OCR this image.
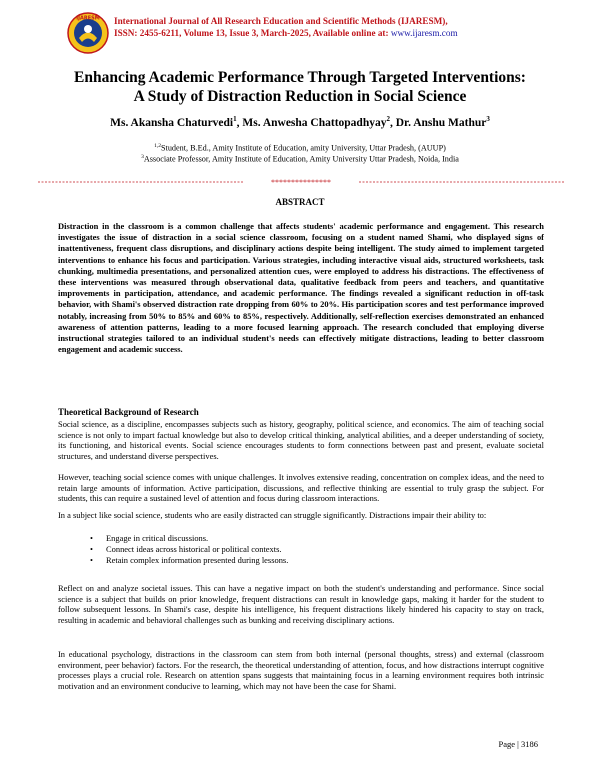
IJARESM International Journal of All Research Education and Scientific Methods (IJARESM),
ISSN: 2455-6211, Volume 13, Issue 3, March-2025, Available online at: www.ijaresm.com
Enhancing Academic Performance Through Targeted Interventions:
A Study of Distraction Reduction in Social Science
Ms. Akansha Chaturvedi$^1$, Ms. Anwesha Chattopadhyay$^2$, Dr. Anshu Mathur$^3$
$^{1,2}$Student, B.Ed., Amity Institute of Education, amity University, Uttar Pradesh, (AUUP)
$^3$Associate Professor, Amity Institute of Education, Amity University Uttar Pradesh, Noida, India
***************
ABSTRACT
Distraction in the classroom is a common challenge that affects students' academic performance and engagement. This research investigates the issue of distraction in a social science classroom, focusing on a student named Shami, who displayed signs of inattentiveness, frequent class disruptions, and disciplinary actions despite being intelligent. The study aimed to implement targeted interventions to enhance his focus and participation. Various strategies, including interactive visual aids, structured worksheets, task chunking, multimedia presentations, and personalized attention cues, were employed to address his distractions. The effectiveness of these interventions was measured through observational data, qualitative feedback from peers and teachers, and quantitative improvements in participation, attendance, and academic performance. The findings revealed a significant reduction in off-task behavior, with Shami's observed distraction rate dropping from 60% to 20%. His participation scores and test performance improved notably, increasing from 50% to 85% and 60% to 85%, respectively. Additionally, self-reflection exercises demonstrated an enhanced awareness of attention patterns, leading to a more focused learning approach. The research concluded that employing diverse instructional strategies tailored to an individual student's needs can effectively mitigate distractions, leading to better classroom engagement and academic success.
Theoretical Background of Research
Social science, as a discipline, encompasses subjects such as history, geography, political science, and economics. The aim of teaching social science is not only to impart factual knowledge but also to develop critical thinking, analytical abilities, and a deeper understanding of society, its functioning, and historical events. Social science encourages students to form connections between past and present, evaluate societal structures, and understand diverse perspectives.
However, teaching social science comes with unique challenges. It involves extensive reading, concentration on complex ideas, and the need to retain large amounts of information. Active participation, discussions, and reflective thinking are essential to truly grasp the subject. For students, this can require a sustained level of attention and focus during classroom interactions.
In a subject like social science, students who are easily distracted can struggle significantly. Distractions impair their ability to:
• Engage in critical discussions.
• Connect ideas across historical or political contexts.
• Retain complex information presented during lessons.
Reflect on and analyze societal issues. This can have a negative impact on both the student's understanding and performance. Since social science is a subject that builds on prior knowledge, frequent distractions can result in knowledge gaps, making it harder for the student to follow subsequent lessons. In Shami's case, despite his intelligence, his frequent distractions likely hindered his capacity to stay on track, resulting in academic and behavioral challenges such as bunking and receiving disciplinary actions.
In educational psychology, distractions in the classroom can stem from both internal (personal thoughts, stress) and external (classroom environment, peer behavior) factors. For the research, the theoretical understanding of attention, focus, and how distractions interrupt cognitive processes plays a crucial role. Research on attention spans suggests that maintaining focus in a learning environment requires both intrinsic motivation and an environment conducive to learning, which may not have been the case for Shami.
Page | 3186
